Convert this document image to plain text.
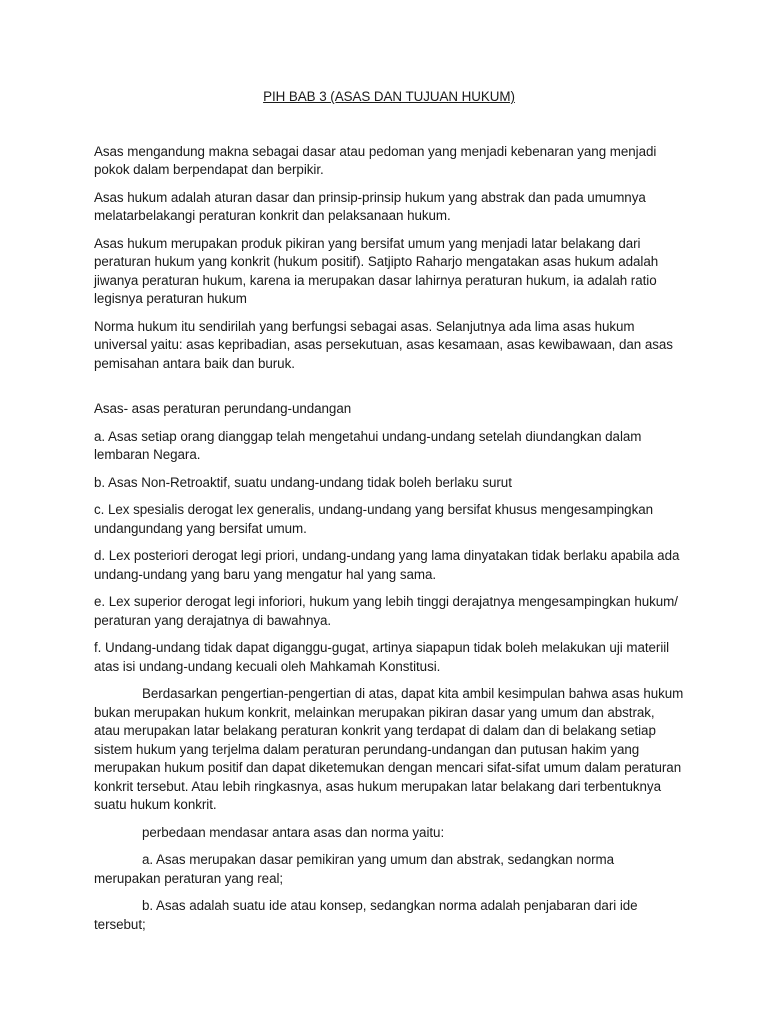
PIH BAB 3 (ASAS DAN TUJUAN HUKUM)

Asas mengandung makna sebagai dasar atau pedoman yang menjadi kebenaran yang menjadi pokok dalam berpendapat dan berpikir.

Asas hukum adalah aturan dasar dan prinsip-prinsip hukum yang abstrak dan pada umumnya melatarbelakangi peraturan konkrit dan pelaksanaan hukum.

Asas hukum merupakan produk pikiran yang bersifat umum yang menjadi latar belakang dari peraturan hukum yang konkrit (hukum positif). Satjipto Raharjo mengatakan asas hukum adalah jiwanya peraturan hukum, karena ia merupakan dasar lahirnya peraturan hukum, ia adalah ratio legisnya peraturan hukum

Norma hukum itu sendirilah yang berfungsi sebagai asas. Selanjutnya ada lima asas hukum universal yaitu: asas kepribadian, asas persekutuan, asas kesamaan, asas kewibawaan, dan asas pemisahan antara baik dan buruk.

Asas- asas peraturan perundang-undangan

a. Asas setiap orang dianggap telah mengetahui undang-undang setelah diundangkan dalam lembaran Negara.

b. Asas Non-Retroaktif, suatu undang-undang tidak boleh berlaku surut

c. Lex spesialis derogat lex generalis, undang-undang yang bersifat khusus mengesampingkan undangundang yang bersifat umum.

d. Lex posteriori derogat legi priori, undang-undang yang lama dinyatakan tidak berlaku apabila ada undang-undang yang baru yang mengatur hal yang sama.

e. Lex superior derogat legi inforiori, hukum yang lebih tinggi derajatnya mengesampingkan hukum/ peraturan yang derajatnya di bawahnya.

f. Undang-undang tidak dapat diganggu-gugat, artinya siapapun tidak boleh melakukan uji materiil atas isi undang-undang kecuali oleh Mahkamah Konstitusi.

Berdasarkan pengertian-pengertian di atas, dapat kita ambil kesimpulan bahwa asas hukum bukan merupakan hukum konkrit, melainkan merupakan pikiran dasar yang umum dan abstrak, atau merupakan latar belakang peraturan konkrit yang terdapat di dalam dan di belakang setiap sistem hukum yang terjelma dalam peraturan perundang-undangan dan putusan hakim yang merupakan hukum positif dan dapat diketemukan dengan mencari sifat-sifat umum dalam peraturan konkrit tersebut. Atau lebih ringkasnya, asas hukum merupakan latar belakang dari terbentuknya suatu hukum konkrit.

perbedaan mendasar antara asas dan norma yaitu:

a. Asas merupakan dasar pemikiran yang umum dan abstrak, sedangkan norma merupakan peraturan yang real;

b. Asas adalah suatu ide atau konsep, sedangkan norma adalah penjabaran dari ide tersebut;
